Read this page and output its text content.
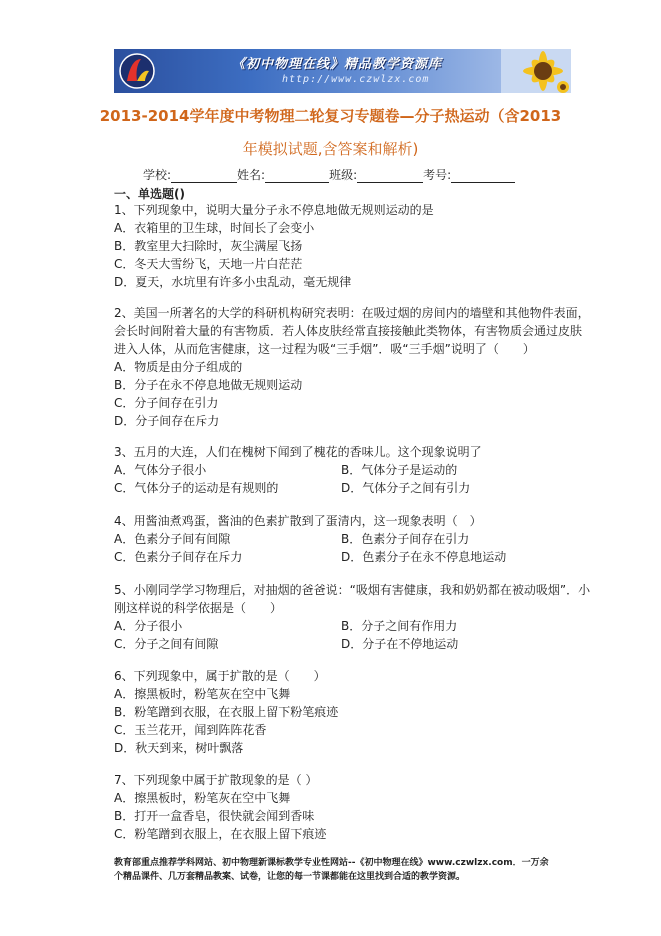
《初中物理在线》精品教学资源库
http://www.czwlzx.com
2013-2014学年度中考物理二轮复习专题卷—分子热运动（含2013
年模拟试题,含答案和解析)
学校:	姓名:	班级:	考号:
一、单选题()
1、下列现象中，说明大量分子永不停息地做无规则运动的是
A．衣箱里的卫生球，时间长了会变小
B．教室里大扫除时，灰尘满屋飞扬
C．冬天大雪纷飞，天地一片白茫茫
D．夏天，水坑里有许多小虫乱动，毫无规律
2、美国一所著名的大学的科研机构研究表明：在吸过烟的房间内的墙壁和其他物件表面，
会长时间附着大量的有害物质．若人体皮肤经常直接接触此类物体，有害物质会通过皮肤
进入人体，从而危害健康，这一过程为吸“三手烟”．吸“三手烟”说明了（　　）
A．物质是由分子组成的
B．分子在永不停息地做无规则运动
C．分子间存在引力
D．分子间存在斥力
3、五月的大连，人们在槐树下闻到了槐花的香味儿。这个现象说明了
A．气体分子很小	B．气体分子是运动的
C．气体分子的运动是有规则的	D．气体分子之间有引力
4、用酱油煮鸡蛋，酱油的色素扩散到了蛋清内，这一现象表明（　）
A．色素分子间有间隙	B．色素分子间存在引力
C．色素分子间存在斥力	D．色素分子在永不停息地运动
5、小刚同学学习物理后，对抽烟的爸爸说：“吸烟有害健康，我和奶奶都在被动吸烟”．小
刚这样说的科学依据是（　　）
A．分子很小	B．分子之间有作用力
C．分子之间有间隙	D．分子在不停地运动
6、下列现象中，属于扩散的是（　　）
A．擦黑板时，粉笔灰在空中飞舞
B．粉笔蹭到衣服，在衣服上留下粉笔痕迹
C．玉兰花开，闻到阵阵花香
D．秋天到来，树叶飘落
7、下列现象中属于扩散现象的是（ ）
A．擦黑板时，粉笔灰在空中飞舞
B．打开一盒香皂，很快就会闻到香味
C．粉笔蹭到衣服上，在衣服上留下痕迹
教育部重点推荐学科网站、初中物理新课标教学专业性网站--《初中物理在线》www.czwlzx.com．一万余
个精品课件、几万套精品教案、试卷，让您的每一节课都能在这里找到合适的教学资源。
